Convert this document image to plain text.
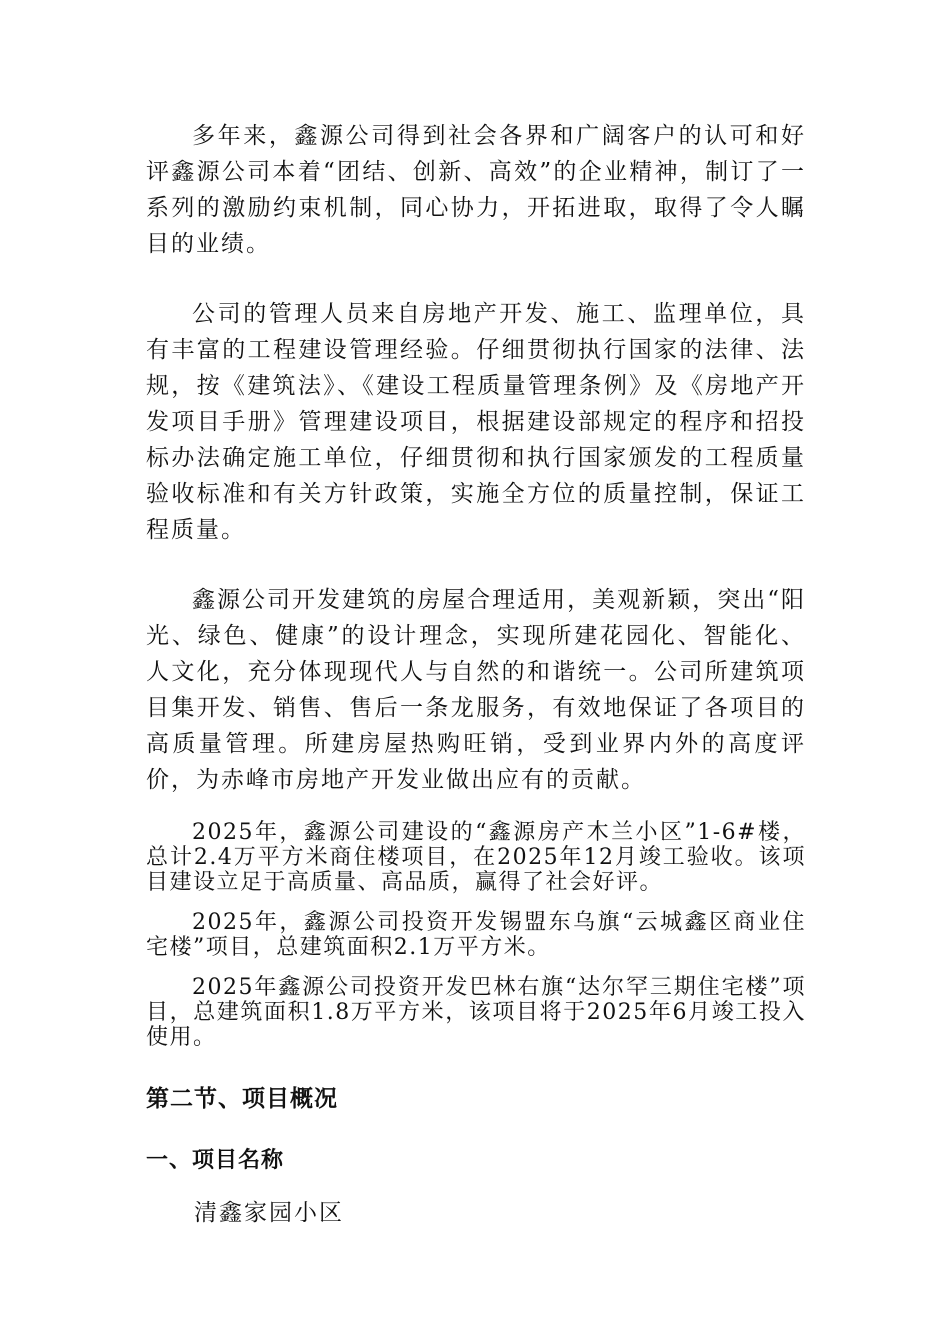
多年来，鑫源公司得到社会各界和广阔客户的认可和好评鑫源公司本着“团结、创新、高效”的企业精神，制订了一系列的激励约束机制，同心协力，开拓进取，取得了令人瞩目的业绩。

公司的管理人员来自房地产开发、施工、监理单位，具有丰富的工程建设管理经验。仔细贯彻执行国家的法律、法规，按《建筑法》、《建设工程质量管理条例》及《房地产开发项目手册》管理建设项目，根据建设部规定的程序和招投标办法确定施工单位，仔细贯彻和执行国家颁发的工程质量验收标准和有关方针政策，实施全方位的质量控制，保证工程质量。

鑫源公司开发建筑的房屋合理适用，美观新颖，突出“阳光、绿色、健康”的设计理念，实现所建花园化、智能化、人文化，充分体现现代人与自然的和谐统一。公司所建筑项目集开发、销售、售后一条龙服务，有效地保证了各项目的高质量管理。所建房屋热购旺销，受到业界内外的高度评价，为赤峰市房地产开发业做出应有的贡献。

2025年，鑫源公司建设的“鑫源房产木兰小区”1-6#楼，总计2.4万平方米商住楼项目，在2025年12月竣工验收。该项目建设立足于高质量、高品质，赢得了社会好评。

2025年，鑫源公司投资开发锡盟东乌旗“云城鑫区商业住宅楼”项目，总建筑面积2.1万平方米。

2025年鑫源公司投资开发巴林右旗“达尔罕三期住宅楼”项目，总建筑面积1.8万平方米，该项目将于2025年6月竣工投入使用。

第二节、项目概况
一、项目名称

清鑫家园小区
